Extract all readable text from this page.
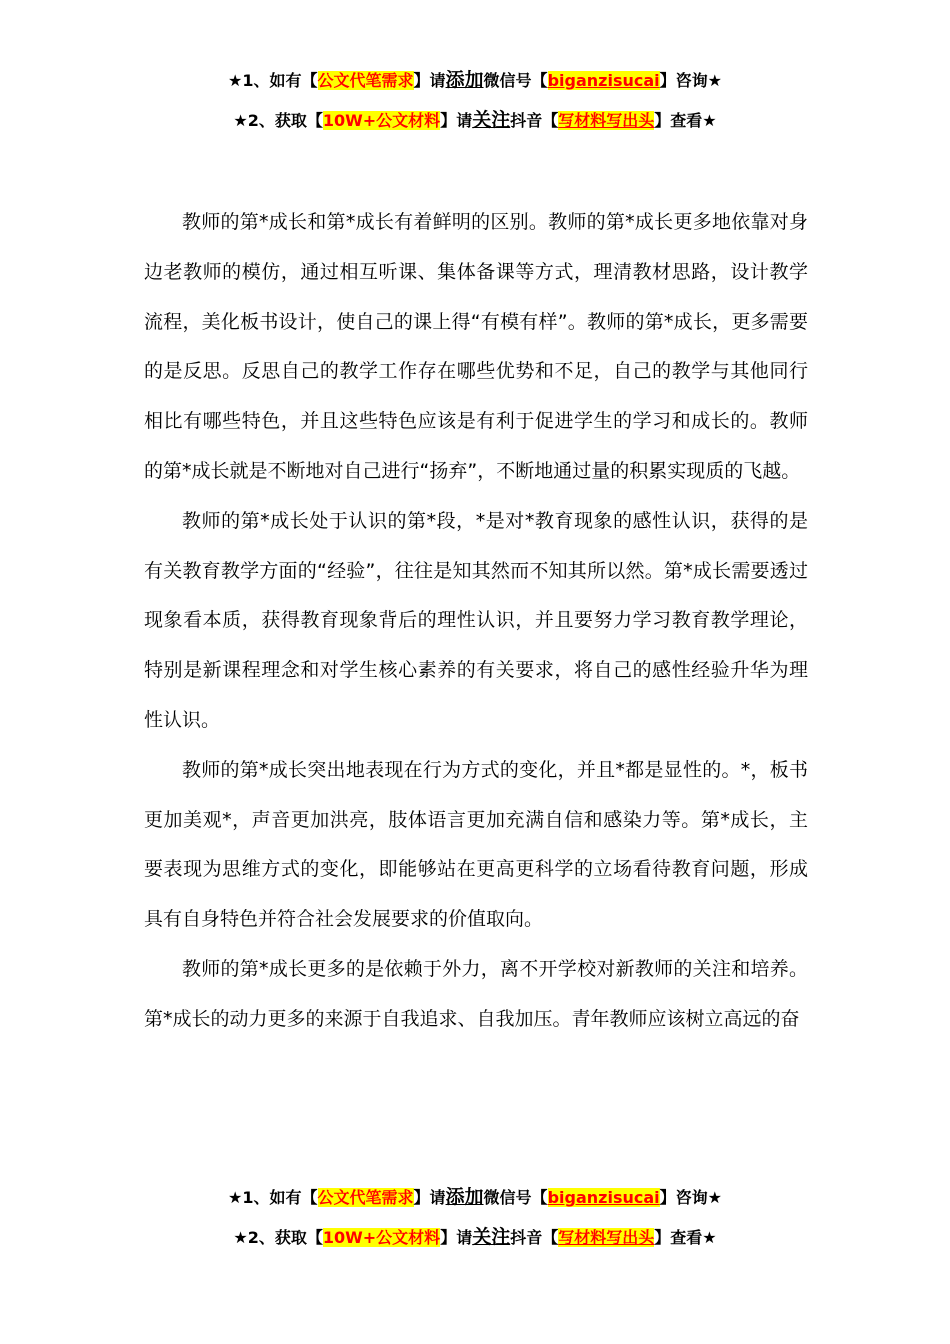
★1、如有【公文代笔需求】请添加微信号【biganzisucai】咨询★
★2、获取【10W+公文材料】请关注抖音【写材料写出头】查看★

教师的第*成长和第*成长有着鲜明的区别。教师的第*成长更多地依靠对身边老教师的模仿，通过相互听课、集体备课等方式，理清教材思路，设计教学流程，美化板书设计，使自己的课上得“有模有样”。教师的第*成长，更多需要的是反思。反思自己的教学工作存在哪些优势和不足，自己的教学与其他同行相比有哪些特色，并且这些特色应该是有利于促进学生的学习和成长的。教师的第*成长就是不断地对自己进行“扬弃”，不断地通过量的积累实现质的飞越。

教师的第*成长处于认识的第*段，*是对*教育现象的感性认识，获得的是有关教育教学方面的“经验”，往往是知其然而不知其所以然。第*成长需要透过现象看本质，获得教育现象背后的理性认识，并且要努力学习教育教学理论，特别是新课程理念和对学生核心素养的有关要求，将自己的感性经验升华为理性认识。

教师的第*成长突出地表现在行为方式的变化，并且*都是显性的。*，板书更加美观*，声音更加洪亮，肢体语言更加充满自信和感染力等。第*成长，主要表现为思维方式的变化，即能够站在更高更科学的立场看待教育问题，形成具有自身特色并符合社会发展要求的价值取向。

教师的第*成长更多的是依赖于外力，离不开学校对新教师的关注和培养。第*成长的动力更多的来源于自我追求、自我加压。青年教师应该树立高远的奋

★1、如有【公文代笔需求】请添加微信号【biganzisucai】咨询★
★2、获取【10W+公文材料】请关注抖音【写材料写出头】查看★
